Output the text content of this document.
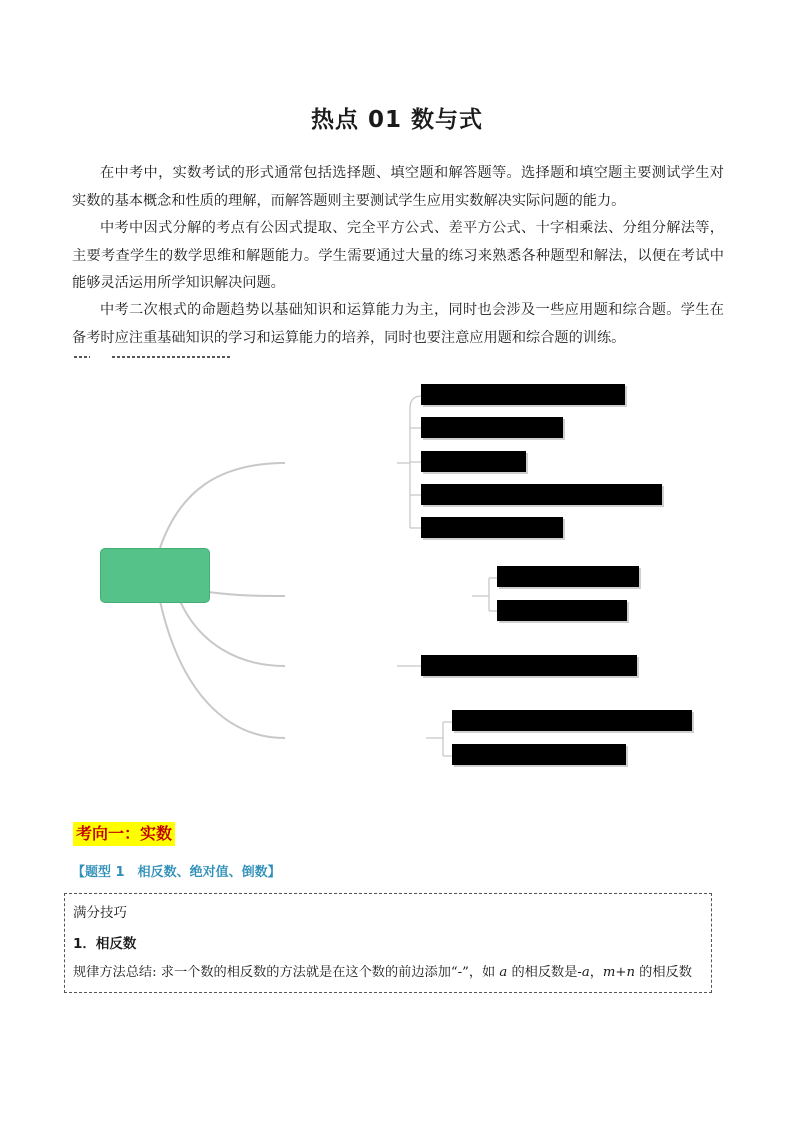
热点 01 数与式
在中考中，实数考试的形式通常包括选择题、填空题和解答题等。选择题和填空题主要测试学生对实数的基本概念和性质的理解，而解答题则主要测试学生应用实数解决实际问题的能力。
中考中因式分解的考点有公因式提取、完全平方公式、差平方公式、十字相乘法、分组分解法等，主要考查学生的数学思维和解题能力。学生需要通过大量的练习来熟悉各种题型和解法，以便在考试中能够灵活运用所学知识解决问题。
中考二次根式的命题趋势以基础知识和运算能力为主，同时也会涉及一些应用题和综合题。学生在备考时应注重基础知识的学习和运算能力的培养，同时也要注意应用题和综合题的训练。
考向一：实数
【题型 1　相反数、绝对值、倒数】
满分技巧
1．相反数
规律方法总结: 求一个数的相反数的方法就是在这个数的前边添加“-”，如 a 的相反数是-a，m+n 的相反数
